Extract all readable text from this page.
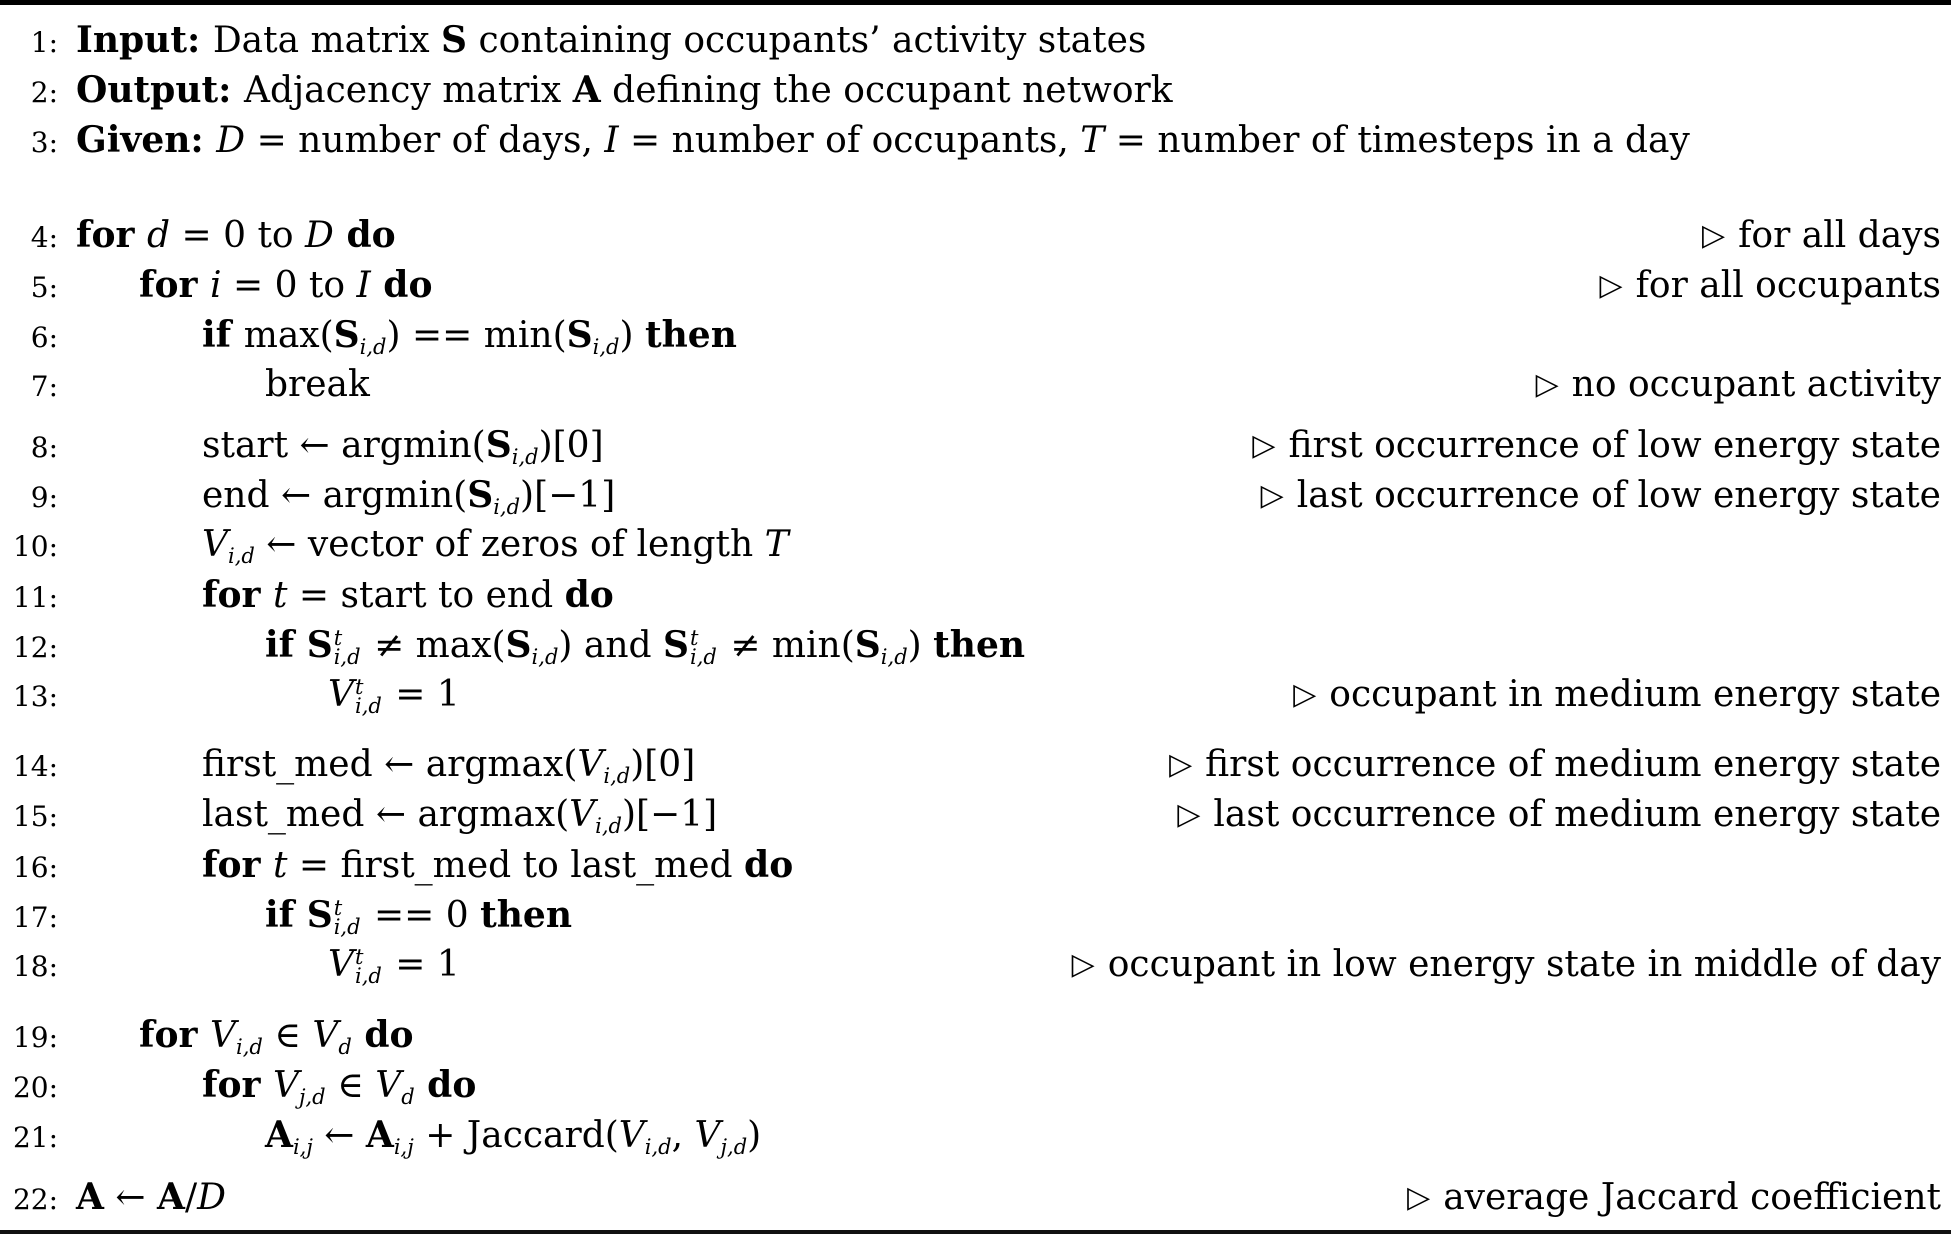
1: Input: Data matrix S containing occupants’ activity states
2: Output: Adjacency matrix A defining the occupant network
3: Given: D = number of days, I = number of occupants, T = number of timesteps in a day
4: for d = 0 to D do	▷ for all days
5: for i = 0 to I do	▷ for all occupants
6:	if $\max(S_{i,d}) == \min(S_{i,d})$ then
7:	break	▷ no occupant activity
8:	start ← $argmin(S_{i,d})[0]$	▷ first occurrence of low energy state
9:	end ← $argmin(S_{i,d})[-1]$	▷ last occurrence of low energy state
10:	$V_{i,d}$ ← vector of zeros of length T
11:	for t = start to end do
12:	if S t
$i,d \ne \max(S_{i,d})$ and S t
$i,d \ne \min(S_{i,d})$ then
13:	V t
i,d = 1	▷ occupant in medium energy state
14:	first_med ← $argmax(V_{i,d})[0]$	▷ first occurrence of medium energy state
15:	last_med ← $argmax(V_{i,d})[-1]$	▷ last occurrence of medium energy state
16:	for t = first_med to last_med do
17:	if S t
i,d == 0 then
18:	V t
i,d = 1	▷ occupant in low energy state in middle of day
19: for $V_{i,d}$ ∈ $V_d$ do
20:	for $V_{j,d}$ ∈ $V_d$ do
21:	$A_{i,j}$ ← $A_{i,j}$ + $Jaccard(V_{i,d}$, $V_{j,d}$)
22: A ← A/D	▷ average Jaccard coefficient
